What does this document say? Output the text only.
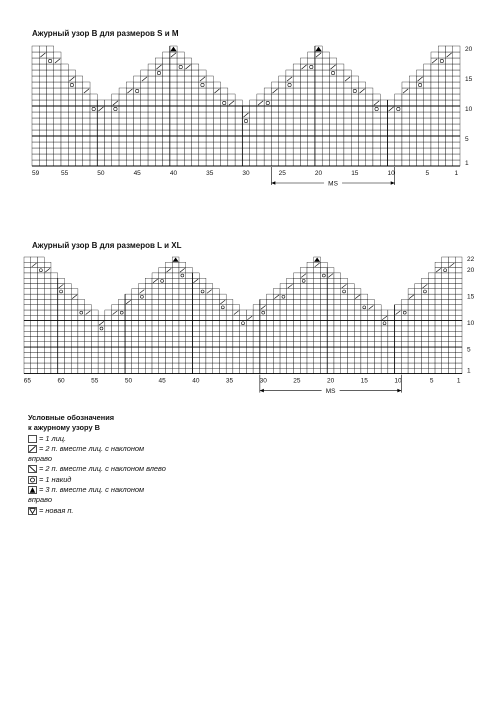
Ажурный узор В для размеров S и M
59	55	50	45	40	35	30	25	20	15	10	5	1
20
15
10
5
1
MS
Ажурный узор В для размеров L и XL
65	60	55	50	45	40	35	30	25	20	15	10	5	1
22
20
15
10
5
1
MS
Условные обозначения
к ажурному узору В
= 1 лиц.
= 2 п. вместе лиц. с наклоном
вправо
= 2 п. вместе лиц. с наклоном влево
= 1 накид
= 3 п. вместе лиц. с наклоном
вправо
= новая п.
